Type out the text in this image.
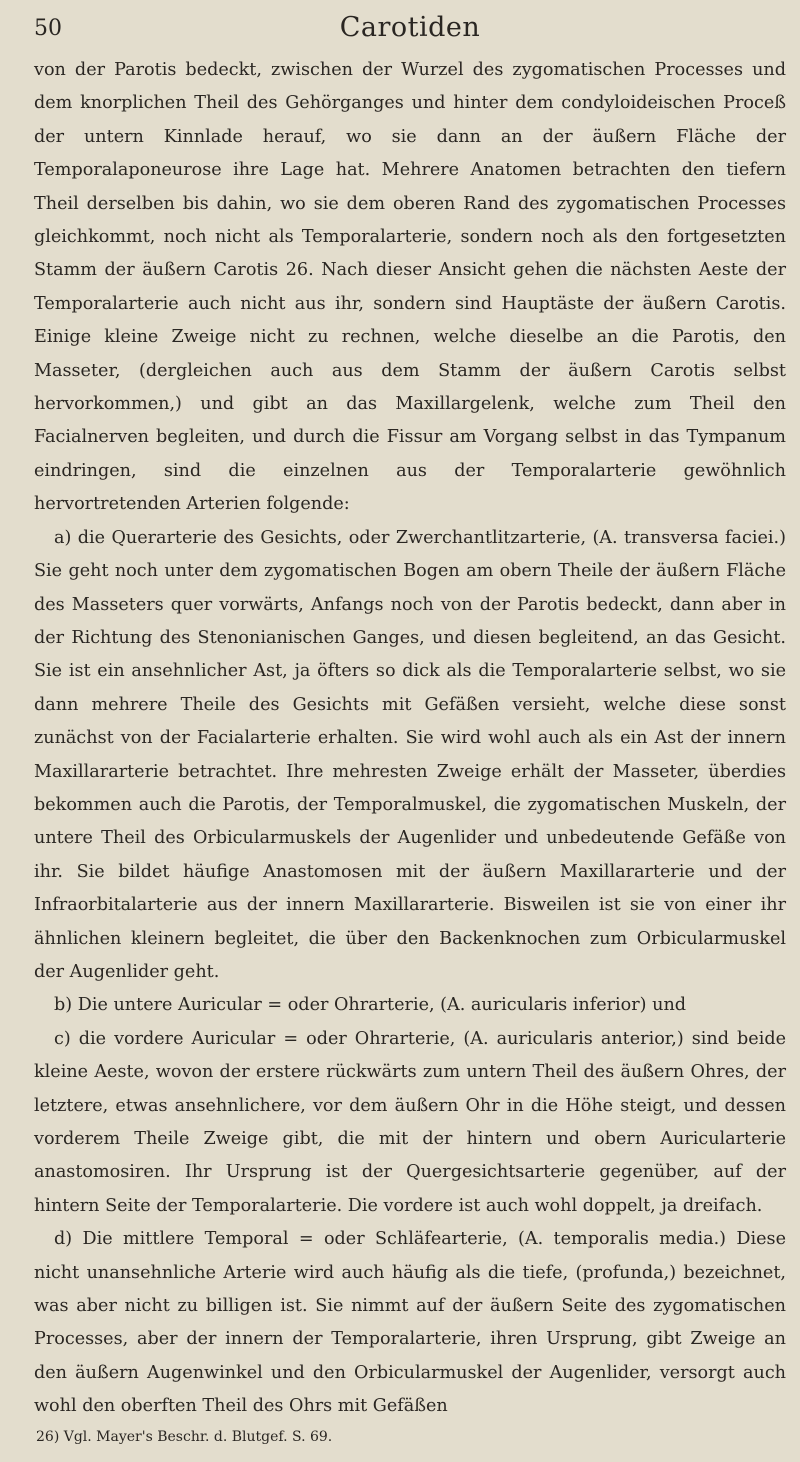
50	Carotiden

von der Parotis bedeckt, zwischen der Wurzel des zygomatischen Processes und dem knorplichen Theil des Gehörganges und hinter dem condyloideischen Proceß der untern Kinnlade herauf, wo sie dann an der äußern Fläche der Temporalaponeurose ihre Lage hat. Mehrere Anatomen betrachten den tiefern Theil derselben bis dahin, wo sie dem oberen Rand des zygomatischen Processes gleichkommt, noch nicht als Temporalarterie, sondern noch als den fortgesetzten Stamm der äußern Carotis 26. Nach dieser Ansicht gehen die nächsten Aeste der Temporalarterie auch nicht aus ihr, sondern sind Hauptäste der äußern Carotis. Einige kleine Zweige nicht zu rechnen, welche dieselbe an die Parotis, den Masseter, (dergleichen auch aus dem Stamm der äußern Carotis selbst hervorkommen,) und gibt an das Maxillargelenk, welche zum Theil den Facialnerven begleiten, und durch die Fissur am Vorgang selbst in das Tympanum eindringen, sind die einzelnen aus der Temporalarterie gewöhnlich hervortretenden Arterien folgende:

a) die Querarterie des Gesichts, oder Zwerchantlitzarterie, (A. transversa faciei.) Sie geht noch unter dem zygomatischen Bogen am obern Theile der äußern Fläche des Masseters quer vorwärts, Anfangs noch von der Parotis bedeckt, dann aber in der Richtung des Stenonianischen Ganges, und diesen begleitend, an das Gesicht. Sie ist ein ansehnlicher Ast, ja öfters so dick als die Temporalarterie selbst, wo sie dann mehrere Theile des Gesichts mit Gefäßen versieht, welche diese sonst zunächst von der Facialarterie erhalten. Sie wird wohl auch als ein Ast der innern Maxillararterie betrachtet. Ihre mehresten Zweige erhält der Masseter, überdies bekommen auch die Parotis, der Temporalmuskel, die zygomatischen Muskeln, der untere Theil des Orbicularmuskels der Augenlider und unbedeutende Gefäße von ihr. Sie bildet häufige Anastomosen mit der äußern Maxillararterie und der Infraorbitalarterie aus der innern Maxillararterie. Bisweilen ist sie von einer ihr ähnlichen kleinern begleitet, die über den Backenknochen zum Orbicularmuskel der Augenlider geht.

b) Die untere Auricular = oder Ohrarterie, (A. auricularis inferior) und

c) die vordere Auricular = oder Ohrarterie, (A. auricularis anterior,) sind beide kleine Aeste, wovon der erstere rückwärts zum untern Theil des äußern Ohres, der letztere, etwas ansehnlichere, vor dem äußern Ohr in die Höhe steigt, und dessen vorderem Theile Zweige gibt, die mit der hintern und obern Auricularterie anastomosiren. Ihr Ursprung ist der Quergesichtsarterie gegenüber, auf der hintern Seite der Temporalarterie. Die vordere ist auch wohl doppelt, ja dreifach.

d) Die mittlere Temporal = oder Schläfearterie, (A. temporalis media.) Diese nicht unansehnliche Arterie wird auch häufig als die tiefe, (profunda,) bezeichnet, was aber nicht zu billigen ist. Sie nimmt auf der äußern Seite des zygomatischen Processes, aber der innern der Temporalarterie, ihren Ursprung, gibt Zweige an den äußern Augenwinkel und den Orbicularmuskel der Augenlider, versorgt auch wohl den oberften Theil des Ohrs mit Gefäßen

26) Vgl. Mayer's Beschr. d. Blutgef. S. 69.
